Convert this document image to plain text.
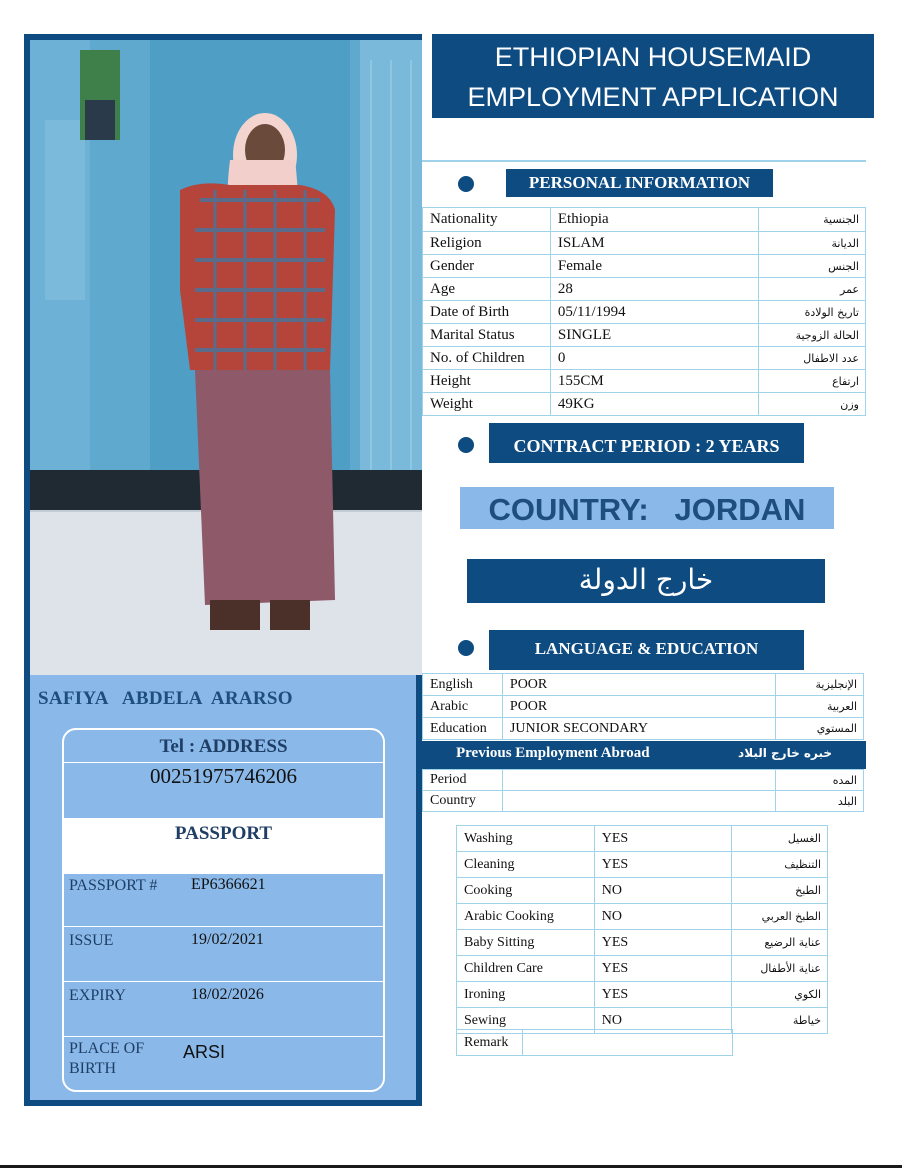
SAFIYA   ABDELA  ARARSO
Tel : ADDRESS
00251975746206
PASSPORT
PASSPORT # EP6366621
ISSUE	19/02/2021
EXPIRY	18/02/2026
PLACE OF BIRTH
ARSI
ETHIOPIAN HOUSEMAID
EMPLOYMENT APPLICATION
PERSONAL INFORMATION
Nationality	Ethiopia	الجنسية
Religion	ISLAM	الديانة
Gender	Female	الجنس
Age	28	عمر
Date of Birth	05/11/1994	تاريخ الولادة
Marital Status	SINGLE	الحالة الزوجية
No. of Children	0	عدد الاطفال
Height	155CM	ارتفاع
Weight	49KG	وزن
CONTRACT PERIOD : 2 YEARS
COUNTRY:   JORDAN
خارج الدولة
LANGUAGE & EDUCATION
English	POOR	الإنجليزية
Arabic	POOR	العربية
Education	JUNIOR SECONDARY	المستوي
Previous Employment Abroad	خبره خارج البلاد
Period		المده
Country		البلد
Washing	YES	الغسيل
Cleaning	YES	التنظيف
Cooking	NO	الطبخ
Arabic Cooking	NO	الطبخ العربي
Baby Sitting	YES	عناية الرضيع
Children Care	YES	عناية الأطفال
Ironing	YES	الكوي
Sewing	NO	خياطة
Remark	
